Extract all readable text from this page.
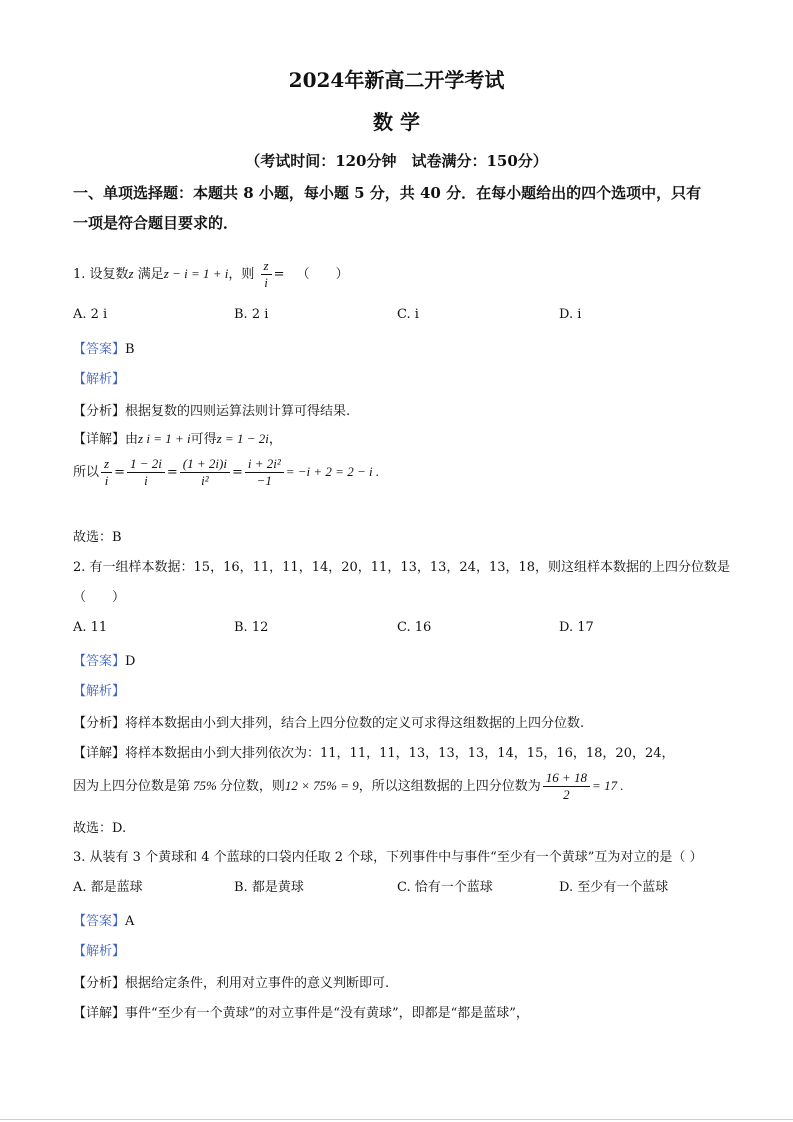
2024年新高二开学考试
数 学
（考试时间：120分钟　试卷满分：150分）
一、单项选择题：本题共 8 小题，每小题 5 分，共 40 分．在每小题给出的四个选项中，只有
一项是符合题目要求的．
1. 设复数z 满足z − i = 1 + i，则 $\frac{z}{i}$ = （　　）
A. 2 i	B. 2 i	C. i	D. i
【答案】B
【解析】
【分析】根据复数的四则运算法则计算可得结果.
【详解】由z i = 1 + i可得z = 1 − 2i，
所以 $\frac{z}{i} = \frac{1 - 2i}{i} = \frac{(1 + 2i)i}{\text{i²}} = \frac{\text{i + 2i²}}{-1} = -i + 2 = 2 - i$ .
故选：B
2. 有一组样本数据：15，16，11，11，14，20，11，13，13，24，13，18，则这组样本数据的上四分位数是
（　　）
A. 11	B. 12	C. 16	D. 17
【答案】D
【解析】
【分析】将样本数据由小到大排列，结合上四分位数的定义可求得这组数据的上四分位数.
【详解】将样本数据由小到大排列依次为：11，11，11，13，13，13，14，15，16，18，20，24，
因为上四分位数是第 75% 分位数，则12 × 75% = 9，所以这组数据的上四分位数为 $\frac{16 + 18}{2} = 17$ .
故选：D.
3. 从装有 3 个黄球和 4 个蓝球的口袋内任取 2 个球，下列事件中与事件“至少有一个黄球”互为对立的是（ ）
A. 都是蓝球	B. 都是黄球	C. 恰有一个蓝球	D. 至少有一个蓝球
【答案】A
【解析】
【分析】根据给定条件，利用对立事件的意义判断即可.
【详解】事件“至少有一个黄球”的对立事件是“没有黄球”，即都是“都是蓝球”，
